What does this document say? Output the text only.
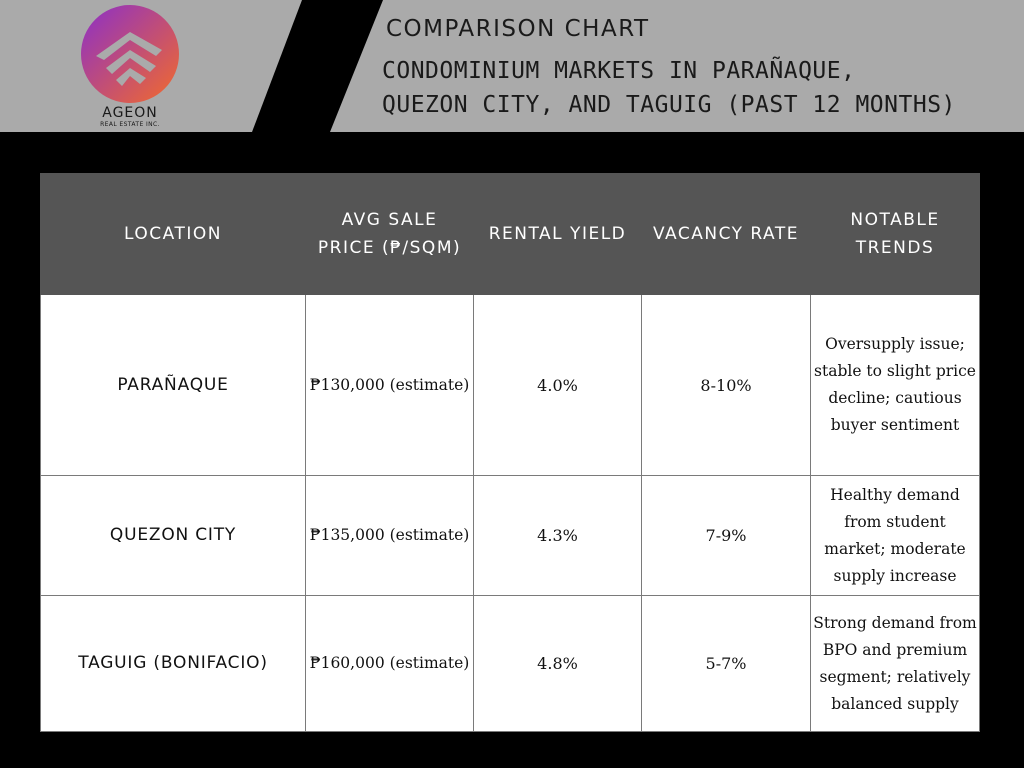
AGEON
REAL ESTATE INC.
COMPARISON CHART
CONDOMINIUM MARKETS IN PARAÑAQUE,
QUEZON CITY, AND TAGUIG (PAST 12 MONTHS)
LOCATION	AVG SALE PRICE (₱/SQM)	RENTAL YIELD	VACANCY RATE	NOTABLE TRENDS
PARAÑAQUE	₱130,000 (estimate)	4.0%	8-10%	Oversupply issue; stable to slight price decline; cautious buyer sentiment
QUEZON CITY	₱135,000 (estimate)	4.3%	7-9%	Healthy demand from student market; moderate supply increase
TAGUIG (BONIFACIO)	₱160,000 (estimate)	4.8%	5-7%	Strong demand from BPO and premium segment; relatively balanced supply
